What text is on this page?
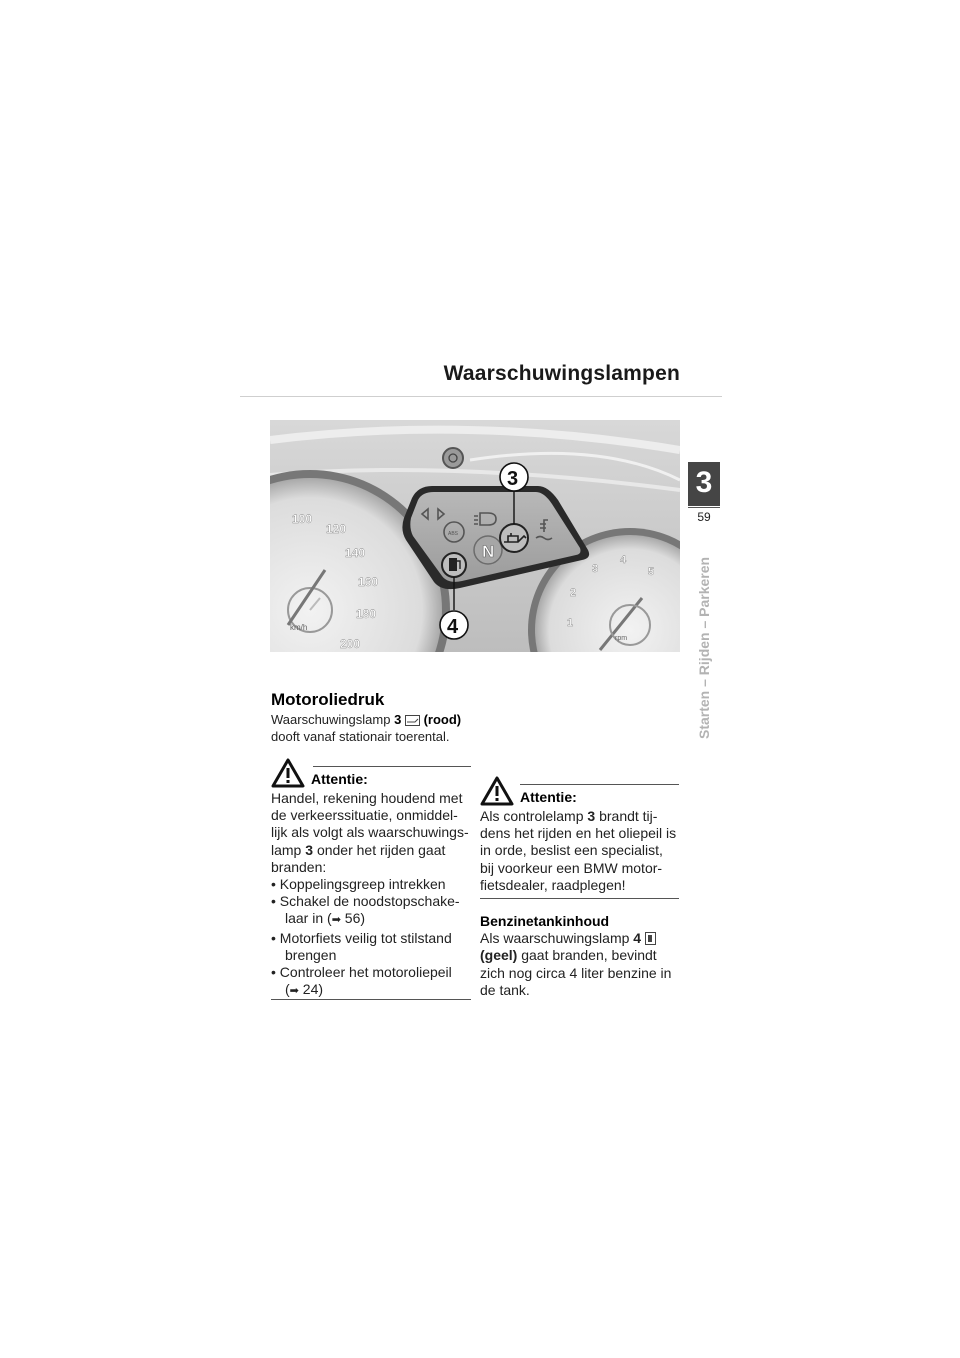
Waarschuwingslampen
3
59
Starten – Rijden – Parkeren
100
120
140
160
180
200
km/h	1
2
3
4
5
rpm
ABS
N
3
4
Motoroliedruk
Waarschuwingslamp 3 (rood)
dooft vanaf stationair toerental.
Attentie:
Handel, rekening houdend met
de verkeerssituatie, onmiddel-
lijk als volgt als waarschuwings-
lamp 3 onder het rijden gaat
branden:
• Koppelingsgreep intrekken
• Schakel de noodstopschake-
laar in (➡ 56)
• Motorfiets veilig tot stilstand
brengen
• Controleer het motoroliepeil
(➡ 24)
Attentie:
Als controlelamp 3 brandt tij-
dens het rijden en het oliepeil is
in orde, beslist een specialist,
bij voorkeur een BMW motor-
fietsdealer, raadplegen!
Benzinetankinhoud
Als waarschuwingslamp 4
(geel) gaat branden, bevindt
zich nog circa 4 liter benzine in
de tank.
